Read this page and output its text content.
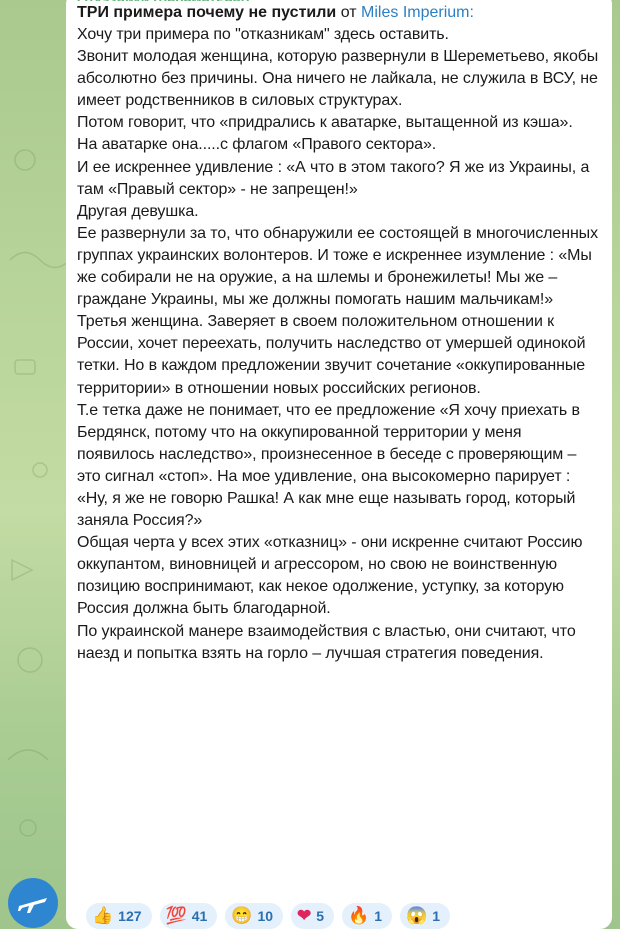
ТРИ примера почему не пустили от Miles Imperium:

Хочу три примера по "отказникам" здесь оставить.

Звонит молодая женщина, которую развернули в Шереметьево, якобы абсолютно без причины. Она ничего не лайкала, не служила в ВСУ, не имеет родственников в силовых структурах.

Потом говорит, что «придрались к аватарке, вытащенной из кэша».

На аватарке она.....с флагом «Правого сектора».

И ее искреннее удивление : «А что в этом такого? Я же из Украины, а там «Правый сектор» - не запрещен!»

Другая девушка.

Ее развернули за то, что обнаружили ее состоящей в многочисленных группах украинских волонтеров. И тоже е искреннее изумление : «Мы же собирали не на оружие, а на шлемы и бронежилеты! Мы же – граждане Украины, мы же должны помогать нашим мальчикам!»

Третья женщина. Заверяет в своем положительном отношении к России, хочет переехать, получить наследство от умершей одинокой тетки. Но в каждом предложении звучит сочетание «оккупированные территории» в отношении новых российских регионов.

Т.е тетка даже не понимает, что ее предложение «Я хочу приехать в Бердянск, потому что на оккупированной территории у меня появилось наследство», произнесенное в беседе с проверяющим – это сигнал «стоп». На мое удивление, она высокомерно парирует : «Ну, я же не говорю Рашка! А как мне еще называть город, который заняла Россия?»

Общая черта у всех этих «отказниц» - они искренне считают Россию оккупантом, виновницей и агрессором, но свою не воинственную позицию воспринимают, как некое одолжение, уступку, за которую Россия должна быть благодарной.

По украинской манере взаимодействия с властью, они считают, что наезд и попытка взять на горло – лучшая стратегия поведения.

👍 127 💯 41 😁 10 ❤ 5 🔥 1 😱 1
